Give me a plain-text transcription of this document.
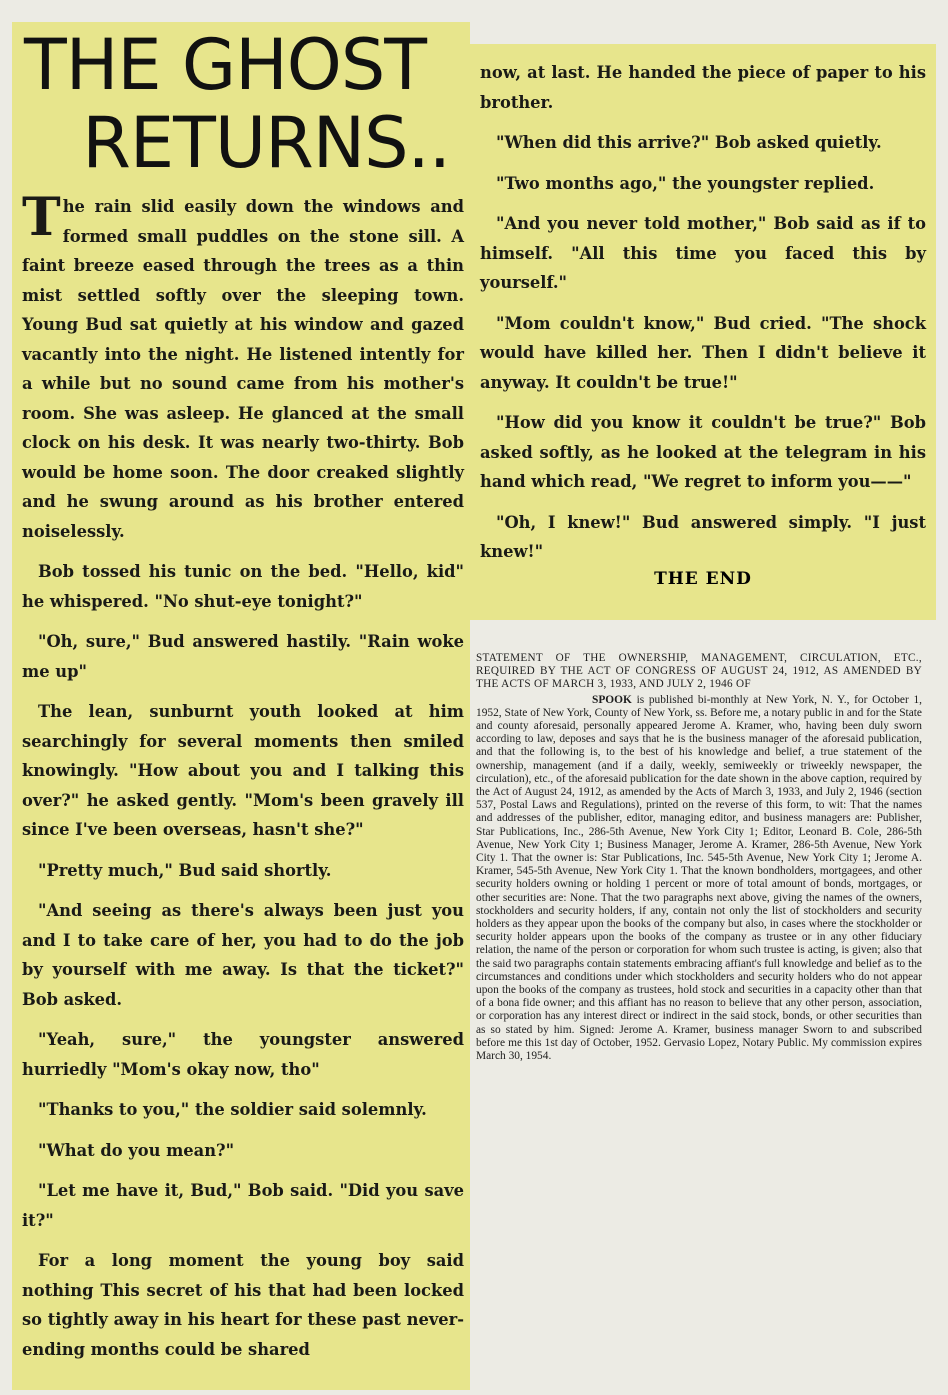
THE GHOST
RETURNS..

The rain slid easily down the windows and formed small puddles on the stone sill. A faint breeze eased through the trees as a thin mist settled softly over the sleeping town. Young Bud sat quietly at his window and gazed vacantly into the night. He listened intently for a while but no sound came from his mother's room. She was asleep. He glanced at the small clock on his desk. It was nearly two-thirty. Bob would be home soon. The door creaked slightly and he swung around as his brother entered noiselessly.

Bob tossed his tunic on the bed. "Hello, kid" he whispered. "No shut-eye tonight?"

"Oh, sure," Bud answered hastily. "Rain woke me up"

The lean, sunburnt youth looked at him searchingly for several moments then smiled knowingly. "How about you and I talking this over?" he asked gently. "Mom's been gravely ill since I've been overseas, hasn't she?"

"Pretty much," Bud said shortly.

"And seeing as there's always been just you and I to take care of her, you had to do the job by yourself with me away. Is that the ticket?" Bob asked.

"Yeah, sure," the youngster answered hurriedly "Mom's okay now, tho"

"Thanks to you," the soldier said solemnly.

"What do you mean?"

"Let me have it, Bud," Bob said. "Did you save it?"

For a long moment the young boy said nothing This secret of his that had been locked so tightly away in his heart for these past never-ending months could be shared

now, at last. He handed the piece of paper to his brother.

"When did this arrive?" Bob asked quietly.

"Two months ago," the youngster replied.

"And you never told mother," Bob said as if to himself. "All this time you faced this by yourself."

"Mom couldn't know," Bud cried. "The shock would have killed her. Then I didn't believe it anyway. It couldn't be true!"

"How did you know it couldn't be true?" Bob asked softly, as he looked at the telegram in his hand which read, "We regret to inform you——"

"Oh, I knew!" Bud answered simply. "I just knew!"

THE END

STATEMENT OF THE OWNERSHIP, MANAGEMENT, CIRCULATION, ETC., REQUIRED BY THE ACT OF CONGRESS OF AUGUST 24, 1912, AS AMENDED BY THE ACTS OF MARCH 3, 1933, AND JULY 2, 1946 OF

SPOOK is published bi-monthly at New York, N. Y., for October 1, 1952, State of New York, County of New York, ss. Before me, a notary public in and for the State and county aforesaid, personally appeared Jerome A. Kramer, who, having been duly sworn according to law, deposes and says that he is the business manager of the aforesaid publication, and that the following is, to the best of his knowledge and belief, a true statement of the ownership, management (and if a daily, weekly, semiweekly or triweekly newspaper, the circulation), etc., of the aforesaid publication for the date shown in the above caption, required by the Act of August 24, 1912, as amended by the Acts of March 3, 1933, and July 2, 1946 (section 537, Postal Laws and Regulations), printed on the reverse of this form, to wit: That the names and addresses of the publisher, editor, managing editor, and business managers are: Publisher, Star Publications, Inc., 286-5th Avenue, New York City 1; Editor, Leonard B. Cole, 286-5th Avenue, New York City 1; Business Manager, Jerome A. Kramer, 286-5th Avenue, New York City 1. That the owner is: Star Publications, Inc. 545-5th Avenue, New York City 1; Jerome A. Kramer, 545-5th Avenue, New York City 1. That the known bondholders, mortgagees, and other security holders owning or holding 1 percent or more of total amount of bonds, mortgages, or other securities are: None. That the two paragraphs next above, giving the names of the owners, stockholders and security holders, if any, contain not only the list of stockholders and security holders as they appear upon the books of the company but also, in cases where the stockholder or security holder appears upon the books of the company as trustee or in any other fiduciary relation, the name of the person or corporation for whom such trustee is acting, is given; also that the said two paragraphs contain statements embracing affiant's full knowledge and belief as to the circumstances and conditions under which stockholders and security holders who do not appear upon the books of the company as trustees, hold stock and securities in a capacity other than that of a bona fide owner; and this affiant has no reason to believe that any other person, association, or corporation has any interest direct or indirect in the said stock, bonds, or other securities than as so stated by him. Signed: Jerome A. Kramer, business manager Sworn to and subscribed before me this 1st day of October, 1952. Gervasio Lopez, Notary Public. My commission expires March 30, 1954.
